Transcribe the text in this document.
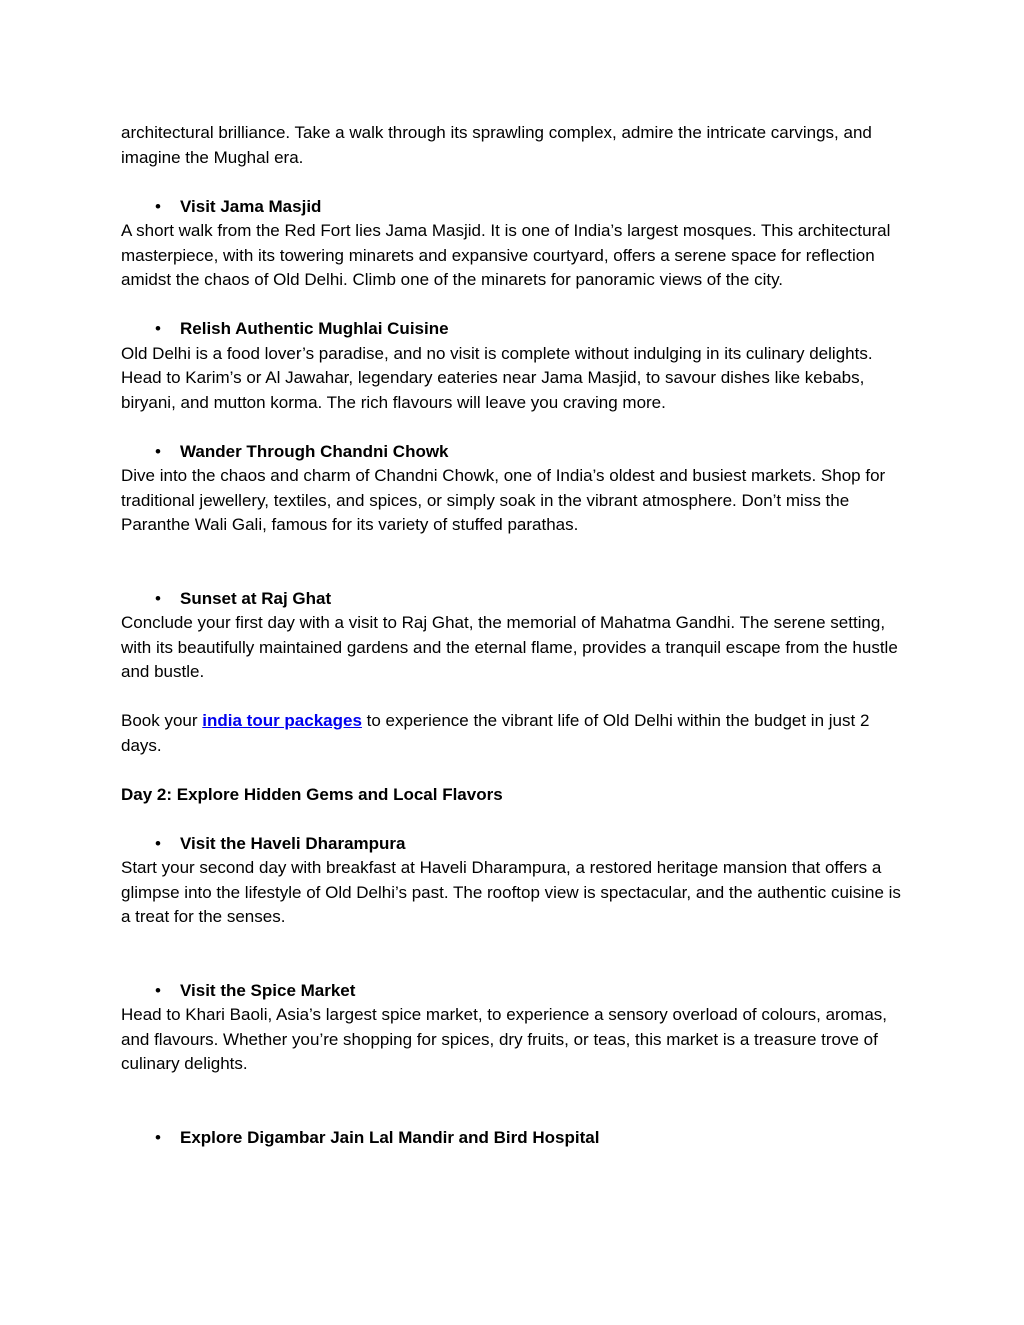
architectural brilliance. Take a walk through its sprawling complex, admire the intricate carvings, and imagine the Mughal era.

• Visit Jama Masjid

A short walk from the Red Fort lies Jama Masjid. It is one of India’s largest mosques. This architectural masterpiece, with its towering minarets and expansive courtyard, offers a serene space for reflection amidst the chaos of Old Delhi. Climb one of the minarets for panoramic views of the city.

• Relish Authentic Mughlai Cuisine

Old Delhi is a food lover’s paradise, and no visit is complete without indulging in its culinary delights. Head to Karim’s or Al Jawahar, legendary eateries near Jama Masjid, to savour dishes like kebabs, biryani, and mutton korma. The rich flavours will leave you craving more.

• Wander Through Chandni Chowk

Dive into the chaos and charm of Chandni Chowk, one of India’s oldest and busiest markets. Shop for traditional jewellery, textiles, and spices, or simply soak in the vibrant atmosphere. Don’t miss the Paranthe Wali Gali, famous for its variety of stuffed parathas.

• Sunset at Raj Ghat

Conclude your first day with a visit to Raj Ghat, the memorial of Mahatma Gandhi. The serene setting, with its beautifully maintained gardens and the eternal flame, provides a tranquil escape from the hustle and bustle.

Book your india tour packages to experience the vibrant life of Old Delhi within the budget in just 2 days.

Day 2: Explore Hidden Gems and Local Flavors

• Visit the Haveli Dharampura

Start your second day with breakfast at Haveli Dharampura, a restored heritage mansion that offers a glimpse into the lifestyle of Old Delhi’s past. The rooftop view is spectacular, and the authentic cuisine is a treat for the senses.

• Visit the Spice Market

Head to Khari Baoli, Asia’s largest spice market, to experience a sensory overload of colours, aromas, and flavours. Whether you’re shopping for spices, dry fruits, or teas, this market is a treasure trove of culinary delights.

• Explore Digambar Jain Lal Mandir and Bird Hospital
